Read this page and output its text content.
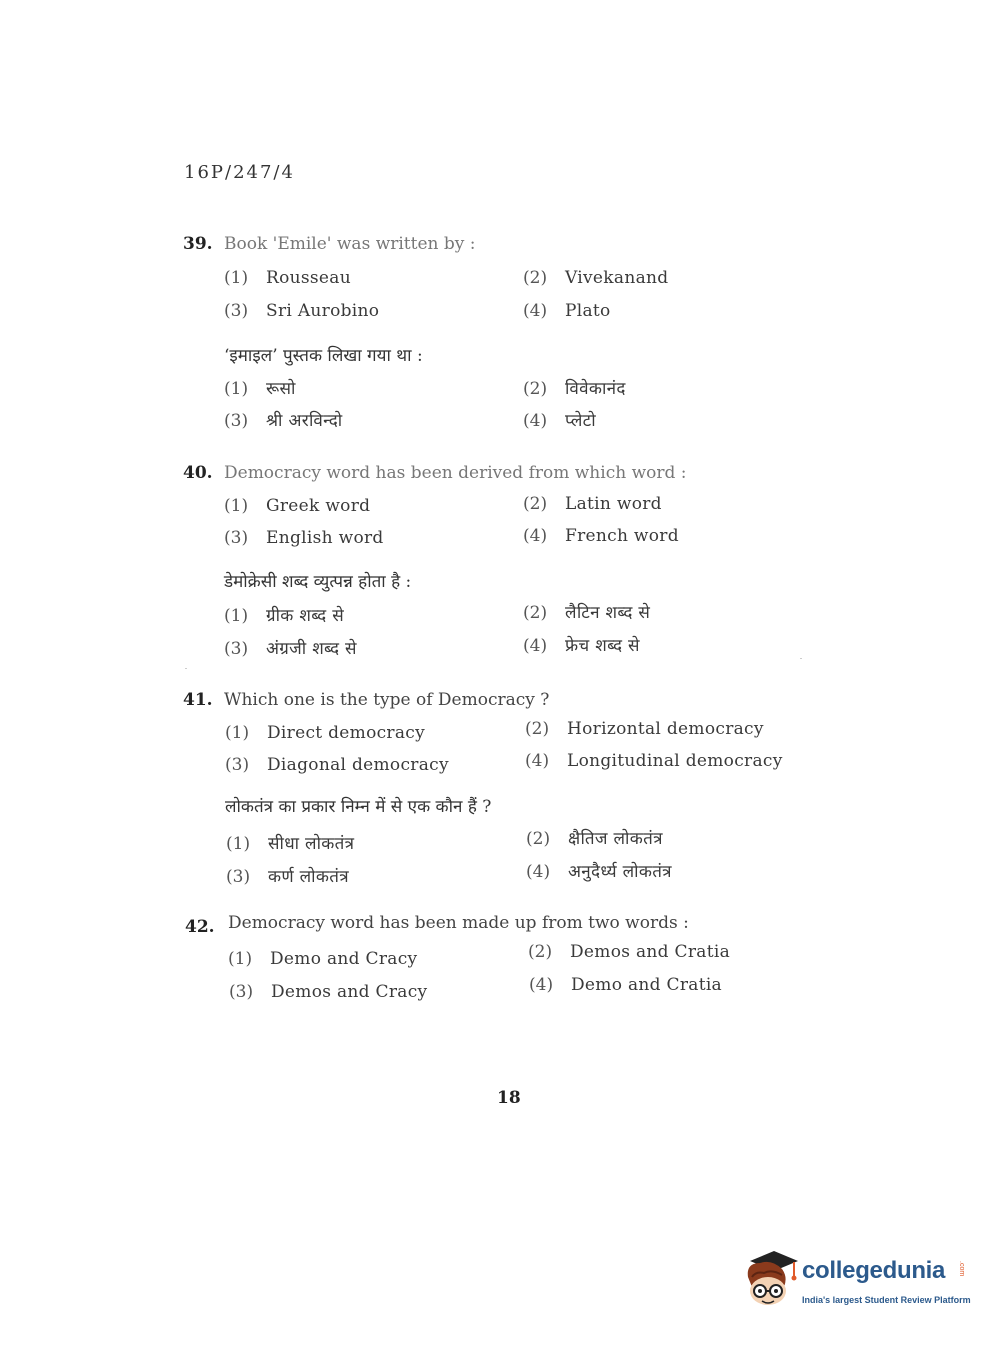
16P/247/4
39. Book 'Emile' was written by :
(1) Rousseau	(2) Vivekanand
(3) Sri Aurobino	(4) Plato
‘इमाइल’ पुस्तक लिखा गया था :
(1) रूसो	(2) विवेकानंद
(3) श्री अरविन्दो	(4) प्लेटो
40. Democracy word has been derived from which word :
(1) Greek word	(2) Latin word
(3) English word	(4) French word
डेमोक्रेसी शब्द व्युत्पन्न होता है :
(1) ग्रीक शब्द से	(2) लैटिन शब्द से
(3) अंग्रजी शब्द से	(4) फ्रेच शब्द से
41. Which one is the type of Democracy ?
(1) Direct democracy	(2) Horizontal democracy
(3) Diagonal democracy	(4) Longitudinal democracy
लोकतंत्र का प्रकार निम्न में से एक कौन हैं ?
(1) सीधा लोकतंत्र	(2) क्षैतिज लोकतंत्र
(3) कर्ण लोकतंत्र	(4) अनुदैर्ध्य लोकतंत्र
42. Democracy word has been made up from two words :
(1) Demo and Cracy	(2) Demos and Cratia
(3) Demos and Cracy	(4) Demo and Cratia
18
collegedunia .com
India's largest Student Review Platform
